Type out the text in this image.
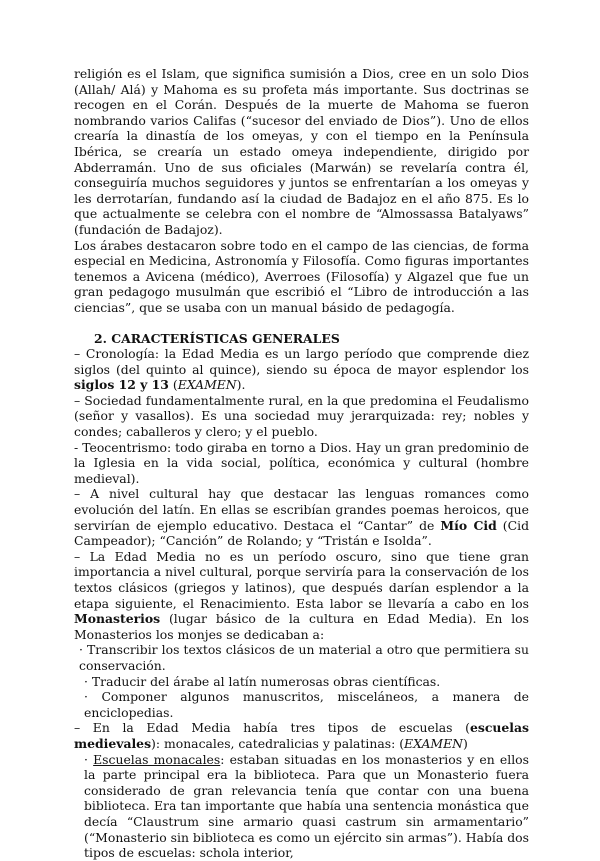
religión es el Islam, que significa sumisión a Dios, cree en un solo Dios (Allah/ Alá) y Mahoma es su profeta más importante. Sus doctrinas se recogen en el Corán. Después de la muerte de Mahoma se fueron nombrando varios Califas (“sucesor del enviado de Dios”). Uno de ellos crearía la dinastía de los omeyas, y con el tiempo en la Península Ibérica, se crearía un estado omeya independiente, dirigido por Abderramán. Uno de sus oficiales (Marwán) se revelaría contra él, conseguiría muchos seguidores y juntos se enfrentarían a los omeyas y les derrotarían, fundando así la ciudad de Badajoz en el año 875. Es lo que actualmente se celebra con el nombre de “Almossassa Batalyaws” (fundación de Badajoz).

Los árabes destacaron sobre todo en el campo de las ciencias, de forma especial en Medicina, Astronomía y Filosofía. Como figuras importantes tenemos a Avicena (médico), Averroes (Filosofía) y Algazel que fue un gran pedagogo musulmán que escribió el “Libro de introducción a las ciencias”, que se usaba con un manual básido de pedagogía.

2. CARACTERÍSTICAS GENERALES

– Cronología: la Edad Media es un largo período que comprende diez siglos (del quinto al quince), siendo su época de mayor esplendor los siglos 12 y 13 (EXAMEN).

– Sociedad fundamentalmente rural, en la que predomina el Feudalismo (señor y vasallos). Es una sociedad muy jerarquizada: rey; nobles y condes; caballeros y clero; y el pueblo.

- Teocentrismo: todo giraba en torno a Dios. Hay un gran predominio de la Iglesia en la vida social, política, económica y cultural (hombre medieval).

– A nivel cultural hay que destacar las lenguas romances como evolución del latín. En ellas se escribían grandes poemas heroicos, que servirían de ejemplo educativo. Destaca el “Cantar” de Mío Cid (Cid Campeador); “Canción” de Rolando; y “Tristán e Isolda”.

– La Edad Media no es un período oscuro, sino que tiene gran importancia a nivel cultural, porque serviría para la conservación de los textos clásicos (griegos y latinos), que después darían esplendor a la etapa siguiente, el Renacimiento. Esta labor se llevaría a cabo en los Monasterios (lugar básico de la cultura en Edad Media). En los Monasterios los monjes se dedicaban a:

· Transcribir los textos clásicos de un material a otro que permitiera su conservación.

· Traducir del árabe al latín numerosas obras científicas.

· Componer algunos manuscritos, misceláneos, a manera de enciclopedias.

– En la Edad Media había tres tipos de escuelas (escuelas medievales): monacales, catedralicias y palatinas: (EXAMEN)

· Escuelas monacales: estaban situadas en los monasterios y en ellos la parte principal era la biblioteca. Para que un Monasterio fuera considerado de gran relevancia tenía que contar con una buena biblioteca. Era tan importante que había una sentencia monástica que decía “Claustrum sine armario quasi castrum sin armamentario” (“Monasterio sin biblioteca es como un ejército sin armas”). Había dos tipos de escuelas: schola interior,
